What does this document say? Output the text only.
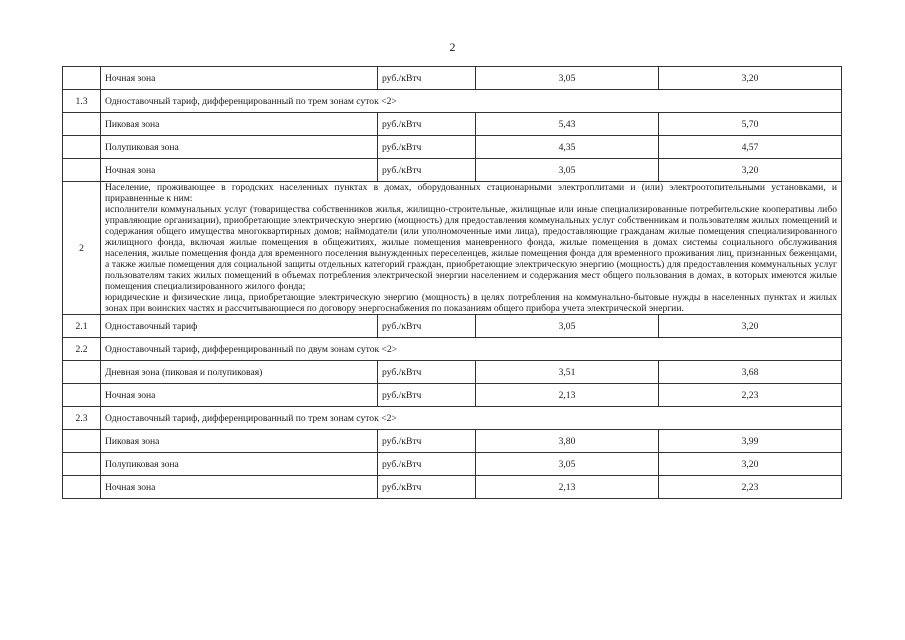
2
	Ночная зона	руб./кВтч	3,05	3,20
1.3	Одноставочный тариф, дифференцированный по трем зонам суток <2>			
	Пиковая зона	руб./кВтч	5,43	5,70
	Полупиковая зона	руб./кВтч	4,35	4,57
	Ночная зона	руб./кВтч	3,05	3,20
2	Население, проживающее в городских населенных пунктах в домах, оборудованных стационарными электроплитами и (или) электроотопительными установками, и приравненные к ним:

исполнители коммунальных услуг (товарищества собственников жилья, жилищно-строительные, жилищные или иные специализированные потребительские кооперативы либо управляющие организации), приобретающие электрическую энергию (мощность) для предоставления коммунальных услуг собственникам и пользователям жилых помещений и содержания общего имущества многоквартирных домов; наймодатели (или уполномоченные ими лица), предоставляющие гражданам жилые помещения специализированного жилищного фонда, включая жилые помещения в общежитиях, жилые помещения маневренного фонда, жилые помещения в домах системы социального обслуживания населения, жилые помещения фонда для временного поселения вынужденных переселенцев, жилые помещения фонда для временного проживания лиц, признанных беженцами, а также жилые помещения для социальной защиты отдельных категорий граждан, приобретающие электрическую энергию (мощность) для предоставления коммунальных услуг пользователям таких жилых помещений в объемах потребления электрической энергии населением и содержания мест общего пользования в домах, в которых имеются жилые помещения специализированного жилого фонда;

юридические и физические лица, приобретающие электрическую энергию (мощность) в целях потребления на коммунально-бытовые нужды в населенных пунктах и жилых зонах при воинских частях и рассчитывающиеся по договору энергоснабжения по показаниям общего прибора учета электрической энергии.			

2.1	Одноставочный тариф	руб./кВтч	3,05	3,20
2.2	Одноставочный тариф, дифференцированный по двум зонам суток <2>			
	Дневная зона (пиковая и полупиковая)	руб./кВтч	3,51	3,68
	Ночная зона	руб./кВтч	2,13	2,23
2.3	Одноставочный тариф, дифференцированный по трем зонам суток <2>			
	Пиковая зона	руб./кВтч	3,80	3,99
	Полупиковая зона	руб./кВтч	3,05	3,20
	Ночная зона	руб./кВтч	2,13	2,23
